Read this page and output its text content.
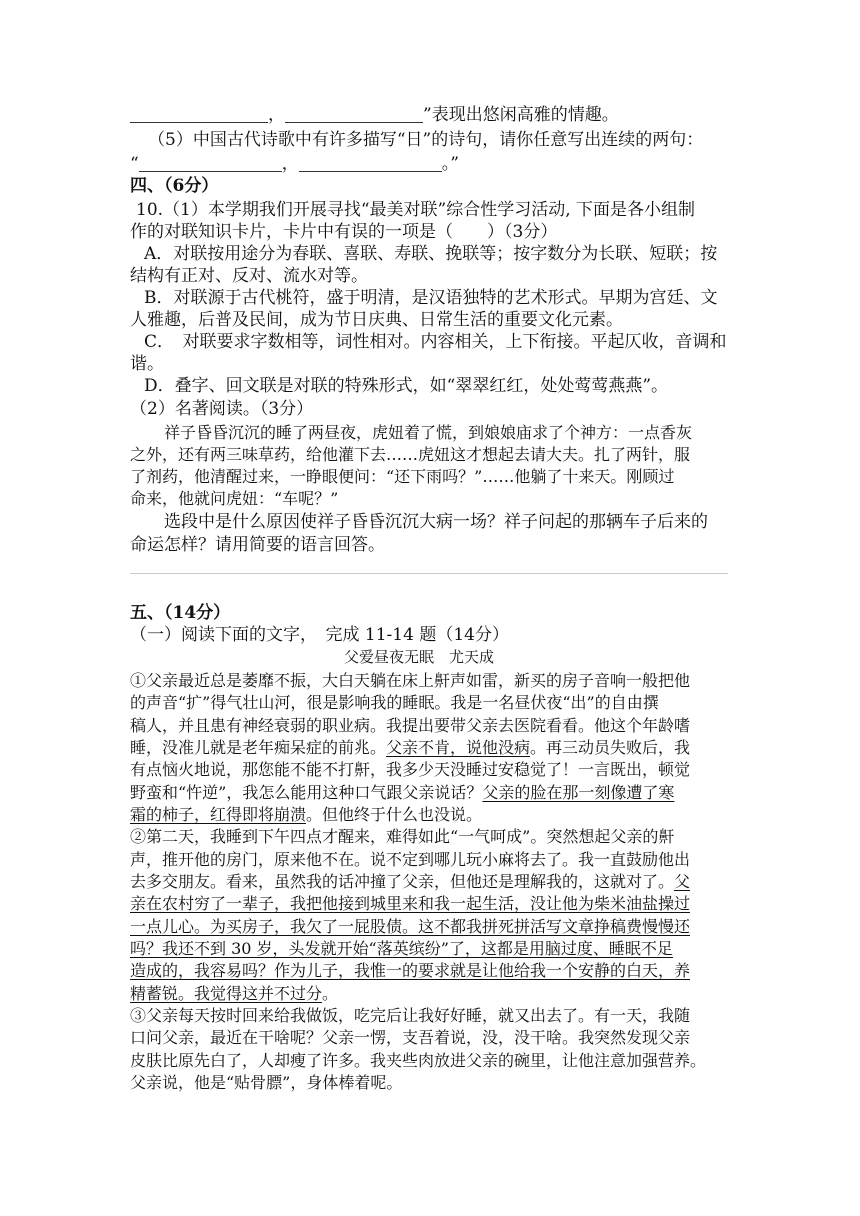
，	”表现出悠闲高雅的情趣。
（5）中国古代诗歌中有许多描写“日”的诗句，请你任意写出连续的两句：
“	，	。”
四、（6分）
10.（1）本学期我们开展寻找“最美对联”综合性学习活动, 下面是各小组制
作的对联知识卡片，卡片中有误的一项是（　　）（3分）
A．对联按用途分为春联、喜联、寿联、挽联等；按字数分为长联、短联；按
结构有正对、反对、流水对等。
B．对联源于古代桃符，盛于明清，是汉语独特的艺术形式。早期为宫廷、文
人雅趣，后普及民间，成为节日庆典、日常生活的重要文化元素。
C．　对联要求字数相等，词性相对。内容相关，上下衔接。平起仄收，音调和
谐。
D．叠字、回文联是对联的特殊形式，如“翠翠红红，处处莺莺燕燕”。
（2）名著阅读。（3分）
祥子昏昏沉沉的睡了两昼夜，虎妞着了慌，到娘娘庙求了个神方：一点香灰
之外，还有两三味草药，给他灌下去……虎妞这才想起去请大夫。扎了两针，服
了剂药，他清醒过来，一睁眼便问：“还下雨吗？”……他躺了十来天。刚顾过
命来，他就问虎妞：“车呢？”
选段中是什么原因使祥子昏昏沉沉大病一场？祥子问起的那辆车子后来的
命运怎样？请用简要的语言回答。
五、（14分）
（一）阅读下面的文字，　完成 11-14 题（14分）
父爱昼夜无眠　尤天成
①父亲最近总是萎靡不振，大白天躺在床上鼾声如雷，新买的房子音响一般把他
的声音“扩”得气壮山河，很是影响我的睡眠。我是一名昼伏夜“出”的自由撰
稿人，并且患有神经衰弱的职业病。我提出要带父亲去医院看看。他这个年龄嗜
睡，没准儿就是老年痴呆症的前兆。父亲不肯，说他没病。再三动员失败后，我
有点恼火地说，那您能不能不打鼾，我多少天没睡过安稳觉了！一言既出，顿觉
野蛮和“忤逆”，我怎么能用这种口气跟父亲说话？父亲的脸在那一刻像遭了寒
霜的柿子，红得即将崩溃。但他终于什么也没说。
②第二天，我睡到下午四点才醒来，难得如此“一气呵成”。突然想起父亲的鼾
声，推开他的房门，原来他不在。说不定到哪儿玩小麻将去了。我一直鼓励他出
去多交朋友。看来，虽然我的话冲撞了父亲，但他还是理解我的，这就对了。父
亲在农村穷了一辈子，我把他接到城里来和我一起生活，没让他为柴米油盐操过
一点儿心。为买房子，我欠了一屁股债。这不都我拼死拼活写文章挣稿费慢慢还
吗？我还不到 30 岁，头发就开始“落英缤纷”了，这都是用脑过度、睡眠不足
造成的，我容易吗？作为儿子，我惟一的要求就是让他给我一个安静的白天，养
精蓄锐。我觉得这并不过分。
③父亲每天按时回来给我做饭，吃完后让我好好睡，就又出去了。有一天，我随
口问父亲，最近在干啥呢？父亲一愣，支吾着说，没，没干啥。我突然发现父亲
皮肤比原先白了，人却瘦了许多。我夹些肉放进父亲的碗里，让他注意加强营养。
父亲说，他是“贴骨膘”，身体棒着呢。
